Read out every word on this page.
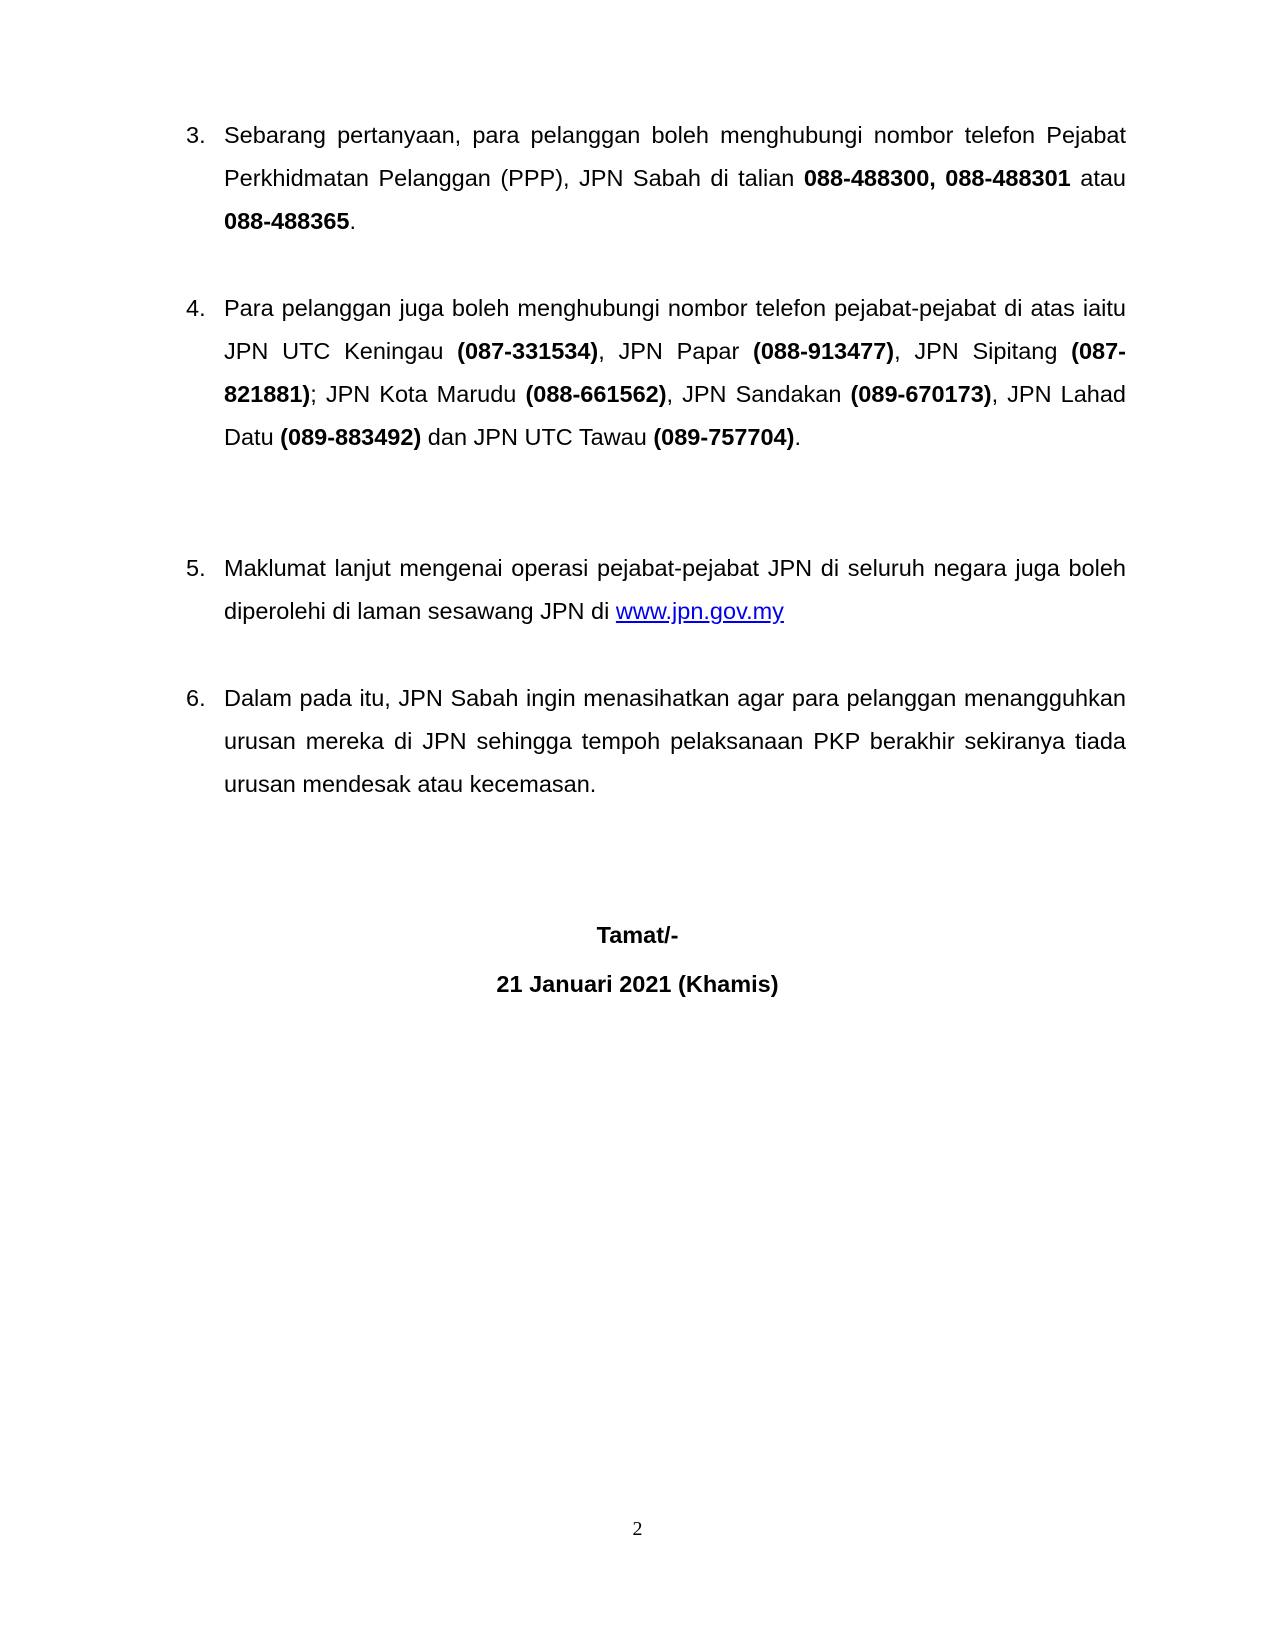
3. Sebarang pertanyaan, para pelanggan boleh menghubungi nombor telefon Pejabat Perkhidmatan Pelanggan (PPP), JPN Sabah di talian 088-488300, 088-488301 atau 088-488365.
4. Para pelanggan juga boleh menghubungi nombor telefon pejabat-pejabat di atas iaitu JPN UTC Keningau (087-331534), JPN Papar (088-913477), JPN Sipitang (087-821881); JPN Kota Marudu (088-661562), JPN Sandakan (089-670173), JPN Lahad Datu (089-883492) dan JPN UTC Tawau (089-757704).
5. Maklumat lanjut mengenai operasi pejabat-pejabat JPN di seluruh negara juga boleh diperolehi di laman sesawang JPN di www.jpn.gov.my
6. Dalam pada itu, JPN Sabah ingin menasihatkan agar para pelanggan menangguhkan urusan mereka di JPN sehingga tempoh pelaksanaan PKP berakhir sekiranya tiada urusan mendesak atau kecemasan.
Tamat/-
21 Januari 2021 (Khamis)
2
